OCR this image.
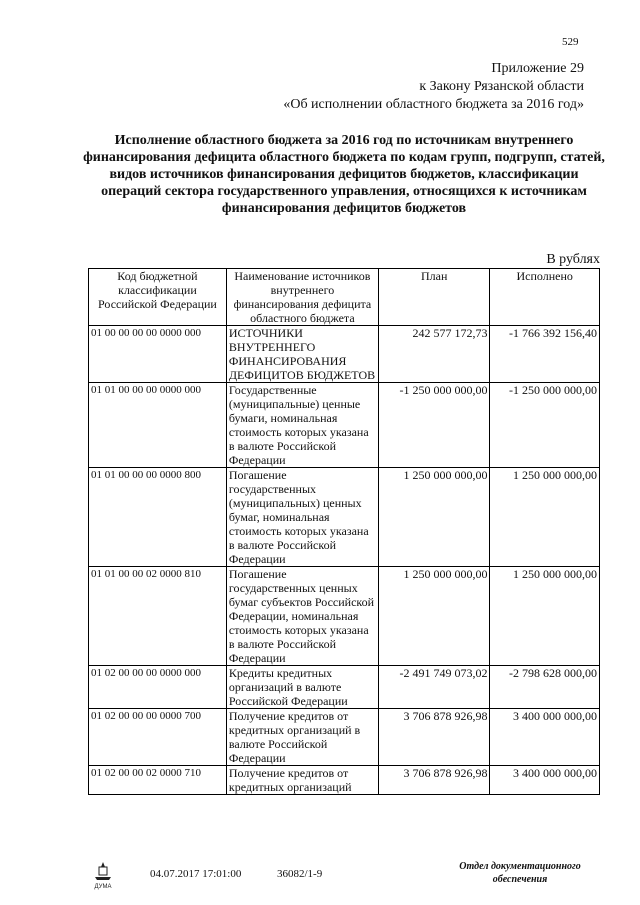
529
Приложение 29
к Закону Рязанской области
«Об исполнении областного бюджета за 2016 год»
Исполнение областного бюджета за 2016 год по источникам внутреннего финансирования дефицита областного бюджета по кодам групп, подгрупп, статей, видов источников финансирования дефицитов бюджетов, классификации операций сектора государственного управления, относящихся к источникам финансирования дефицитов бюджетов
В рублях
Код бюджетной классификации Российской Федерации	Наименование источников внутреннего финансирования дефицита областного бюджета	План	Исполнено
01 00 00 00 00 0000 000	ИСТОЧНИКИ ВНУТРЕННЕГО ФИНАНСИРОВАНИЯ ДЕФИЦИТОВ БЮДЖЕТОВ	242 577 172,73	-1 766 392 156,40
01 01 00 00 00 0000 000	Государственные (муниципальные) ценные бумаги, номинальная стоимость которых указана в валюте Российской Федерации	-1 250 000 000,00	-1 250 000 000,00
01 01 00 00 00 0000 800	Погашение государственных (муниципальных) ценных бумаг, номинальная стоимость которых указана в валюте Российской Федерации	1 250 000 000,00	1 250 000 000,00
01 01 00 00 02 0000 810	Погашение государственных ценных бумаг субъектов Российской Федерации, номинальная стоимость которых указана в валюте Российской Федерации	1 250 000 000,00	1 250 000 000,00
01 02 00 00 00 0000 000	Кредиты кредитных организаций в валюте Российской Федерации	-2 491 749 073,02	-2 798 628 000,00
01 02 00 00 00 0000 700	Получение кредитов от кредитных организаций в валюте Российской Федерации	3 706 878 926,98	3 400 000 000,00
01 02 00 00 02 0000 710	Получение кредитов от кредитных организаций	3 706 878 926,98	3 400 000 000,00
ДУМА
04.07.2017 17:01:00	36082/1-9
Отдел документационного
обеспечения
